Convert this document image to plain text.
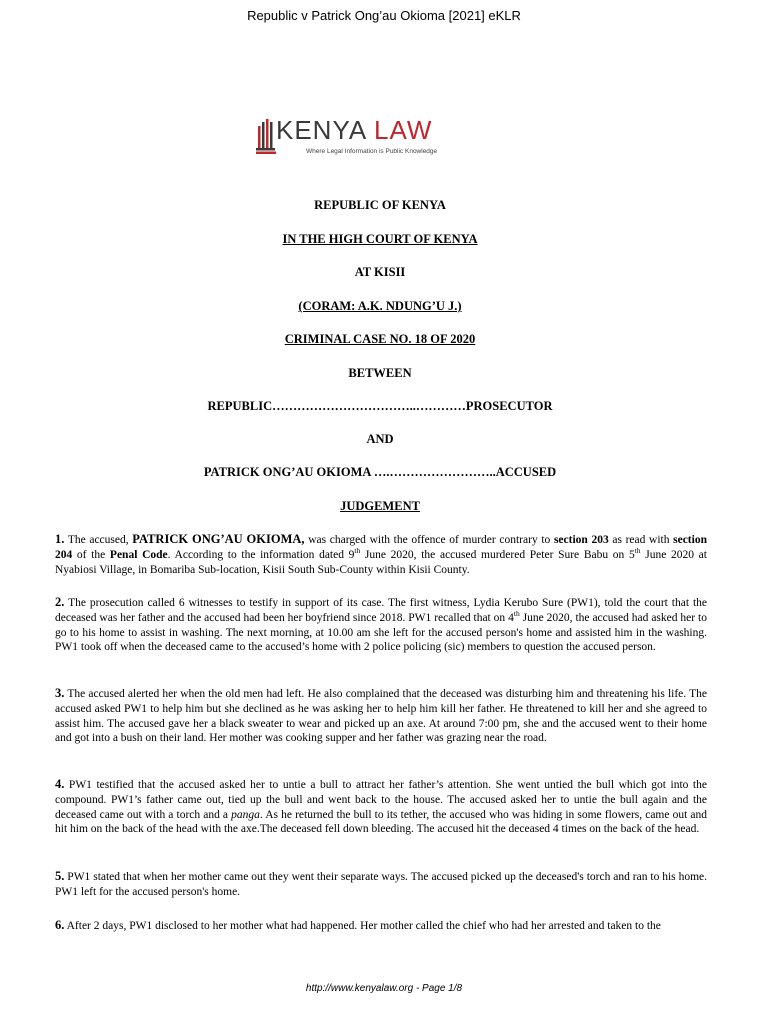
Republic v Patrick Ong’au Okioma [2021] eKLR
KENYA LAW
Where Legal Information is Public Knowledge
REPUBLIC OF KENYA
IN THE HIGH COURT OF KENYA
AT KISII
(CORAM: A.K. NDUNG’U J.)
CRIMINAL CASE NO. 18 OF 2020
BETWEEN
REPUBLIC……………………………..…………PROSECUTOR
AND
PATRICK ONG’AU OKIOMA ….……………………..ACCUSED
JUDGEMENT
1. The accused, PATRICK ONG’AU OKIOMA, was charged with the offence of murder contrary to section 203 as read with section 204 of the Penal Code. According to the information dated 9th June 2020, the accused murdered Peter Sure Babu on 5th June 2020 at Nyabiosi Village, in Bomariba Sub-location, Kisii South Sub-County within Kisii County.
2. The prosecution called 6 witnesses to testify in support of its case. The first witness, Lydia Kerubo Sure (PW1), told the court that the deceased was her father and the accused had been her boyfriend since 2018. PW1 recalled that on 4th June 2020, the accused had asked her to go to his home to assist in washing. The next morning, at 10.00 am she left for the accused person's home and assisted him in the washing. PW1 took off when the deceased came to the accused’s home with 2 police policing (sic) members to question the accused person.
3. The accused alerted her when the old men had left. He also complained that the deceased was disturbing him and threatening his life. The accused asked PW1 to help him but she declined as he was asking her to help him kill her father. He threatened to kill her and she agreed to assist him. The accused gave her a black sweater to wear and picked up an axe. At around 7:00 pm, she and the accused went to their home and got into a bush on their land. Her mother was cooking supper and her father was grazing near the road.
4. PW1 testified that the accused asked her to untie a bull to attract her father’s attention. She went untied the bull which got into the compound. PW1’s father came out, tied up the bull and went back to the house. The accused asked her to untie the bull again and the deceased came out with a torch and a panga. As he returned the bull to its tether, the accused who was hiding in some flowers, came out and hit him on the back of the head with the axe.The deceased fell down bleeding. The accused hit the deceased 4 times on the back of the head.
5. PW1 stated that when her mother came out they went their separate ways. The accused picked up the deceased's torch and ran to his home. PW1 left for the accused person's home.
6. After 2 days, PW1 disclosed to her mother what had happened. Her mother called the chief who had her arrested and taken to the
http://www.kenyalaw.org - Page 1/8
